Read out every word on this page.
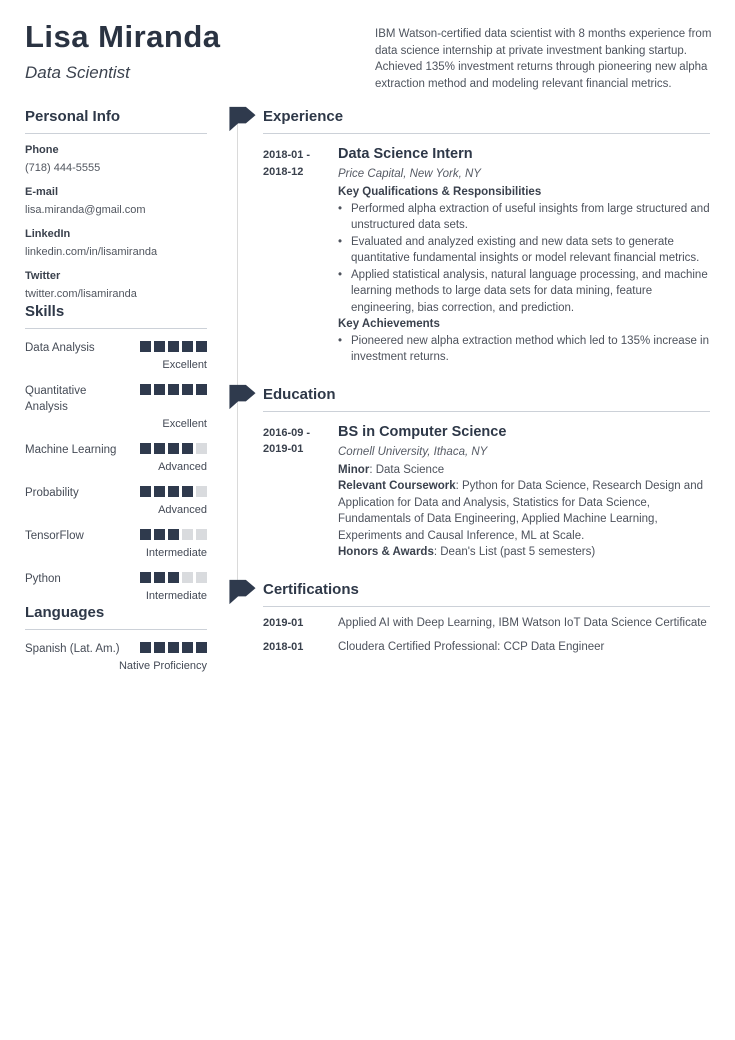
Lisa Miranda
Data Scientist
IBM Watson-certified data scientist with 8 months experience from data science internship at private investment banking startup. Achieved 135% investment returns through pioneering new alpha extraction method and modeling relevant financial metrics.
Personal Info
Phone
(718) 444-5555
E-mail
lisa.miranda@gmail.com
LinkedIn
linkedin.com/in/lisamiranda
Twitter
twitter.com/lisamiranda
Skills
Data Analysis
Excellent
Quantitative Analysis
Excellent
Machine Learning
Advanced
Probability
Advanced
TensorFlow
Intermediate
Python
Intermediate
Languages
Spanish (Lat. Am.)
Native Proficiency
Experience
2018-01 -
2018-12
Data Science Intern
Price Capital, New York, NY
Key Qualifications & Responsibilities
• Performed alpha extraction of useful insights from large structured and unstructured data sets.
• Evaluated and analyzed existing and new data sets to generate quantitative fundamental insights or model relevant financial metrics.
• Applied statistical analysis, natural language processing, and machine learning methods to large data sets for data mining, feature engineering, bias correction, and prediction.
Key Achievements
• Pioneered new alpha extraction method which led to 135% increase in investment returns.
Education
2016-09 -
2019-01
BS in Computer Science
Cornell University, Ithaca, NY
Minor: Data Science
Relevant Coursework: Python for Data Science, Research Design and Application for Data and Analysis, Statistics for Data Science, Fundamentals of Data Engineering, Applied Machine Learning, Experiments and Causal Inference, ML at Scale.
Honors & Awards: Dean's List (past 5 semesters)
Certifications
2019-01	Applied AI with Deep Learning, IBM Watson IoT Data Science Certificate
2018-01	Cloudera Certified Professional: CCP Data Engineer
